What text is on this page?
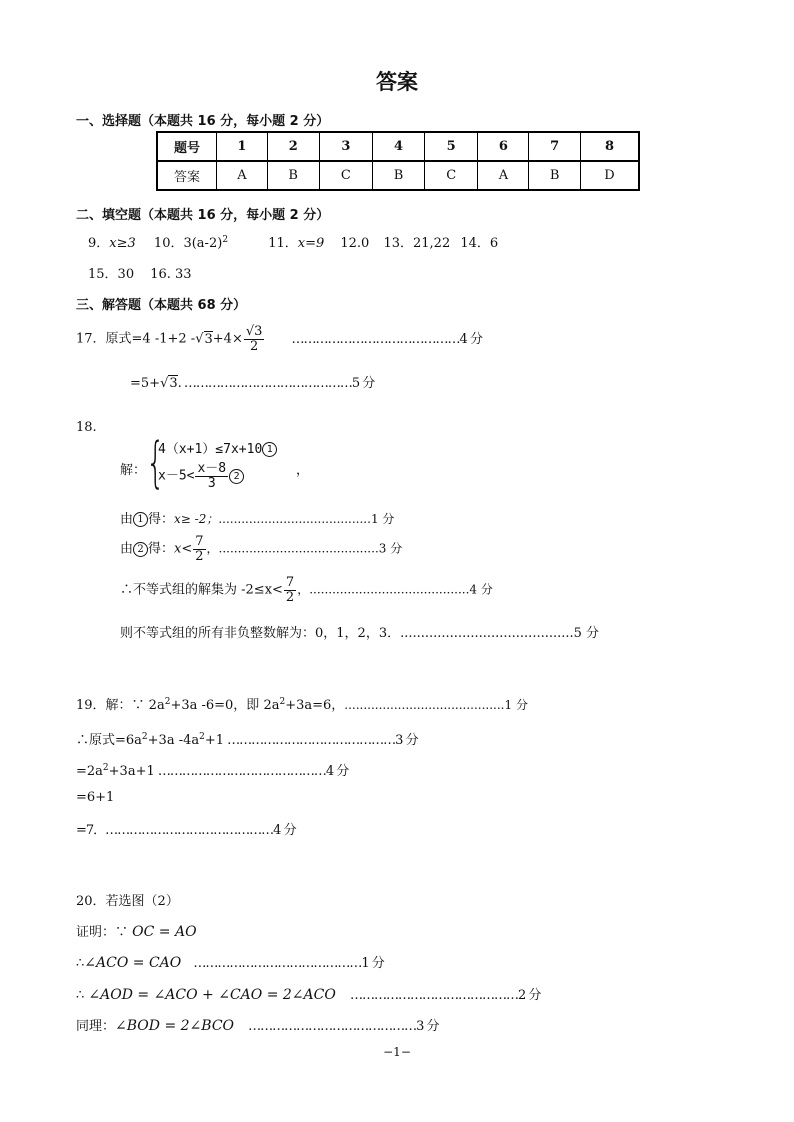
答案
一、选择题（本题共 16 分，每小题 2 分）
题号	1	2	3	4	5	6	7	8
答案	A	B	C	B	C	A	B	D
二、填空题（本题共 16 分，每小题 2 分）
9．x≥3 10．$3(a-2)^2$	11．x=9 12.0 13．21,22 14．6
15．30 16. 33
三、解答题（本题共 68 分）
17．原式=4 -1+2 $-√3+4\times \frac{√3}{2}$ ……………………………………4 分
=5+√3. ……………………………………5 分
18.
解： {
4（x+1）≤7x+10 1
$x-5< \frac{x-8}{3} 2$	，
由 1 得：x≥ -2；........................................1 分
由 2 得：$x< \frac{7}{2}$ ，..........................................3 分
∴不等式组的解集为 $-2\le x< \frac{7}{2}$ ，..........................................4 分
则不等式组的所有非负整数解为：0，1，2，3．..........................................5 分
19．解：∵ $2a^2+3a$ -6=0，即 $2a^2+3a=6$，..........................................1 分
∴原式$=6a^2+3a$ $-4a^2+1$ ……………………………………3 分
$=2a^2+3a+1$ ……………………………………4 分
=6+1
=7．……………………………………4 分
20．若选图（2）
证明：∵ OC = AO
∴∠ACO = CAO ……………………………………1 分
∴ ∠AOD = ∠ACO + ∠CAO = 2∠ACO ……………………………………2 分
同理：∠BOD = 2∠BCO ……………………………………3 分
−1−
